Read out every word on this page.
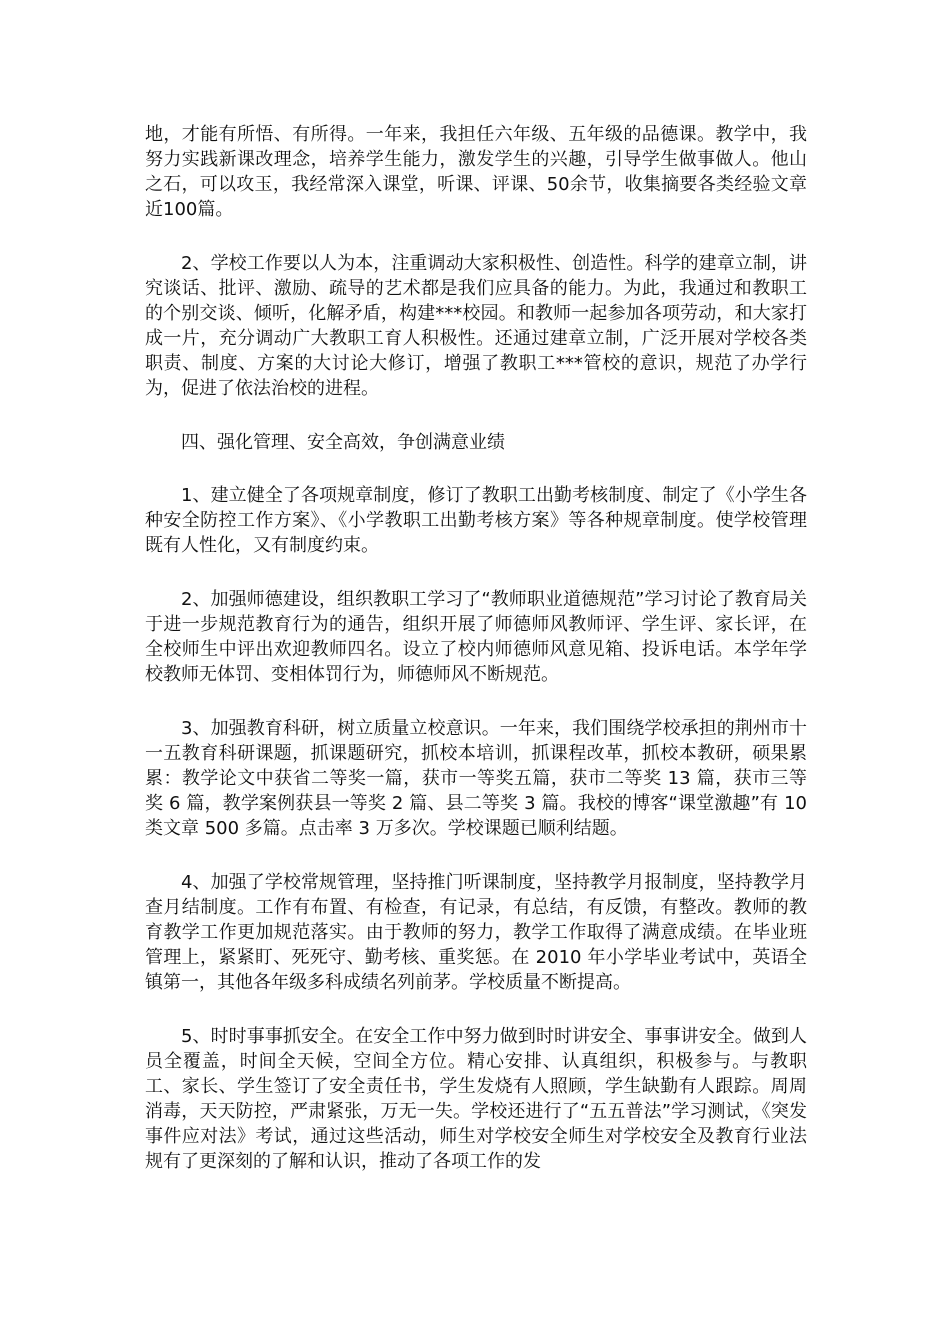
地，才能有所悟、有所得。一年来，我担任六年级、五年级的品德课。教学中，我努力实践新课改理念，培养学生能力，激发学生的兴趣，引导学生做事做人。他山之石，可以攻玉，我经常深入课堂，听课、评课、50余节，收集摘要各类经验文章近100篇。

2、学校工作要以人为本，注重调动大家积极性、创造性。科学的建章立制，讲究谈话、批评、激励、疏导的艺术都是我们应具备的能力。为此，我通过和教职工的个别交谈、倾听，化解矛盾，构建***校园。和教师一起参加各项劳动，和大家打成一片，充分调动广大教职工育人积极性。还通过建章立制，广泛开展对学校各类职责、制度、方案的大讨论大修订，增强了教职工***管校的意识，规范了办学行为，促进了依法治校的进程。

四、强化管理、安全高效，争创满意业绩

1、建立健全了各项规章制度，修订了教职工出勤考核制度、制定了《小学生各种安全防控工作方案》、《小学教职工出勤考核方案》等各种规章制度。使学校管理既有人性化，又有制度约束。

2、加强师德建设，组织教职工学习了“教师职业道德规范”学习讨论了教育局关于进一步规范教育行为的通告，组织开展了师德师风教师评、学生评、家长评，在全校师生中评出欢迎教师四名。设立了校内师德师风意见箱、投诉电话。本学年学校教师无体罚、变相体罚行为，师德师风不断规范。

3、加强教育科研，树立质量立校意识。一年来，我们围绕学校承担的荆州市十一五教育科研课题，抓课题研究，抓校本培训，抓课程改革，抓校本教研，硕果累累：教学论文中获省二等奖一篇，获市一等奖五篇，获市二等奖 13 篇，获市三等奖 6 篇，教学案例获县一等奖 2 篇、县二等奖 3 篇。我校的博客“课堂激趣”有 10 类文章 500 多篇。点击率 3 万多次。学校课题已顺利结题。

4、加强了学校常规管理，坚持推门听课制度，坚持教学月报制度，坚持教学月查月结制度。工作有布置、有检查，有记录，有总结，有反馈，有整改。教师的教育教学工作更加规范落实。由于教师的努力，教学工作取得了满意成绩。在毕业班管理上，紧紧盯、死死守、勤考核、重奖惩。在 2010 年小学毕业考试中，英语全镇第一，其他各年级多科成绩名列前茅。学校质量不断提高。

5、时时事事抓安全。在安全工作中努力做到时时讲安全、事事讲安全。做到人员全覆盖，时间全天候，空间全方位。精心安排、认真组织，积极参与。与教职工、家长、学生签订了安全责任书，学生发烧有人照顾，学生缺勤有人跟踪。周周消毒，天天防控，严肃紧张，万无一失。学校还进行了“五五普法”学习测试，《突发事件应对法》考试，通过这些活动，师生对学校安全师生对学校安全及教育行业法规有了更深刻的了解和认识，推动了各项工作的发
